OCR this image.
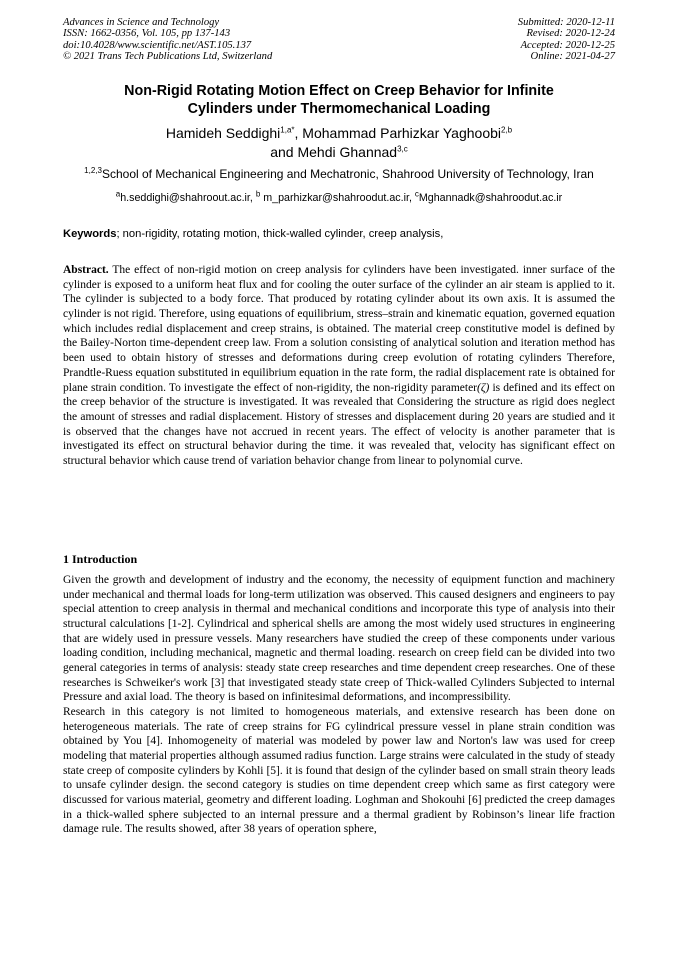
Advances in Science and Technology
ISSN: 1662-0356, Vol. 105, pp 137-143
doi:10.4028/www.scientific.net/AST.105.137
© 2021 Trans Tech Publications Ltd, Switzerland
Submitted: 2020-12-11
Revised: 2020-12-24
Accepted: 2020-12-25
Online: 2021-04-27
Non-Rigid Rotating Motion Effect on Creep Behavior for Infinite
Cylinders under Thermomechanical Loading
Hamideh Seddighi$^{1,a*}$, Mohammad Parhizkar Yaghoobi$^{2,b}$
and Mehdi Ghannad$^{3,c}$
$^{1,2,3}$School of Mechanical Engineering and Mechatronic, Shahrood University of Technology, Iran
$^a$h.seddighi@shahroout.ac.ir, $^b$ m_parhizkar@shahroodut.ac.ir, $^c$Mghannadk@shahroodut.ac.ir
Keywords; non-rigidity, rotating motion, thick-walled cylinder, creep analysis,
Abstract. The effect of non-rigid motion on creep analysis for cylinders have been investigated. inner surface of the cylinder is exposed to a uniform heat flux and for cooling the outer surface of the cylinder an air steam is applied to it. The cylinder is subjected to a body force. That produced by rotating cylinder about its own axis. It is assumed the cylinder is not rigid. Therefore, using equations of equilibrium, stress–strain and kinematic equation, governed equation which includes redial displacement and creep strains, is obtained. The material creep constitutive model is defined by the Bailey-Norton time-dependent creep law. From a solution consisting of analytical solution and iteration method has been used to obtain history of stresses and deformations during creep evolution of rotating cylinders Therefore, Prandtle-Ruess equation substituted in equilibrium equation in the rate form, the radial displacement rate is obtained for plane strain condition. To investigate the effect of non-rigidity, the non-rigidity parameter(ζ) is defined and its effect on the creep behavior of the structure is investigated. It was revealed that Considering the structure as rigid does neglect the amount of stresses and radial displacement. History of stresses and displacement during 20 years are studied and it is observed that the changes have not accrued in recent years. The effect of velocity is another parameter that is investigated its effect on structural behavior during the time. it was revealed that, velocity has significant effect on structural behavior which cause trend of variation behavior change from linear to polynomial curve.
1 Introduction

Given the growth and development of industry and the economy, the necessity of equipment function and machinery under mechanical and thermal loads for long-term utilization was observed. This caused designers and engineers to pay special attention to creep analysis in thermal and mechanical conditions and incorporate this type of analysis into their structural calculations [1-2]. Cylindrical and spherical shells are among the most widely used structures in engineering that are widely used in pressure vessels. Many researchers have studied the creep of these components under various loading condition, including mechanical, magnetic and thermal loading. research on creep field can be divided into two general categories in terms of analysis: steady state creep researches and time dependent creep researches. One of these researches is Schweiker's work [3] that investigated steady state creep of Thick-walled Cylinders Subjected to internal Pressure and axial load. The theory is based on infinitesimal deformations, and incompressibility.

Research in this category is not limited to homogeneous materials, and extensive research has been done on heterogeneous materials. The rate of creep strains for FG cylindrical pressure vessel in plane strain condition was obtained by You [4]. Inhomogeneity of material was modeled by power law and Norton's law was used for creep modeling that material properties although assumed radius function. Large strains were calculated in the study of steady state creep of composite cylinders by Kohli [5]. it is found that design of the cylinder based on small strain theory leads to unsafe cylinder design. the second category is studies on time dependent creep which same as first category were discussed for various material, geometry and different loading. Loghman and Shokouhi [6] predicted the creep damages in a thick-walled sphere subjected to an internal pressure and a thermal gradient by Robinson’s linear life fraction damage rule. The results showed, after 38 years of operation sphere,
